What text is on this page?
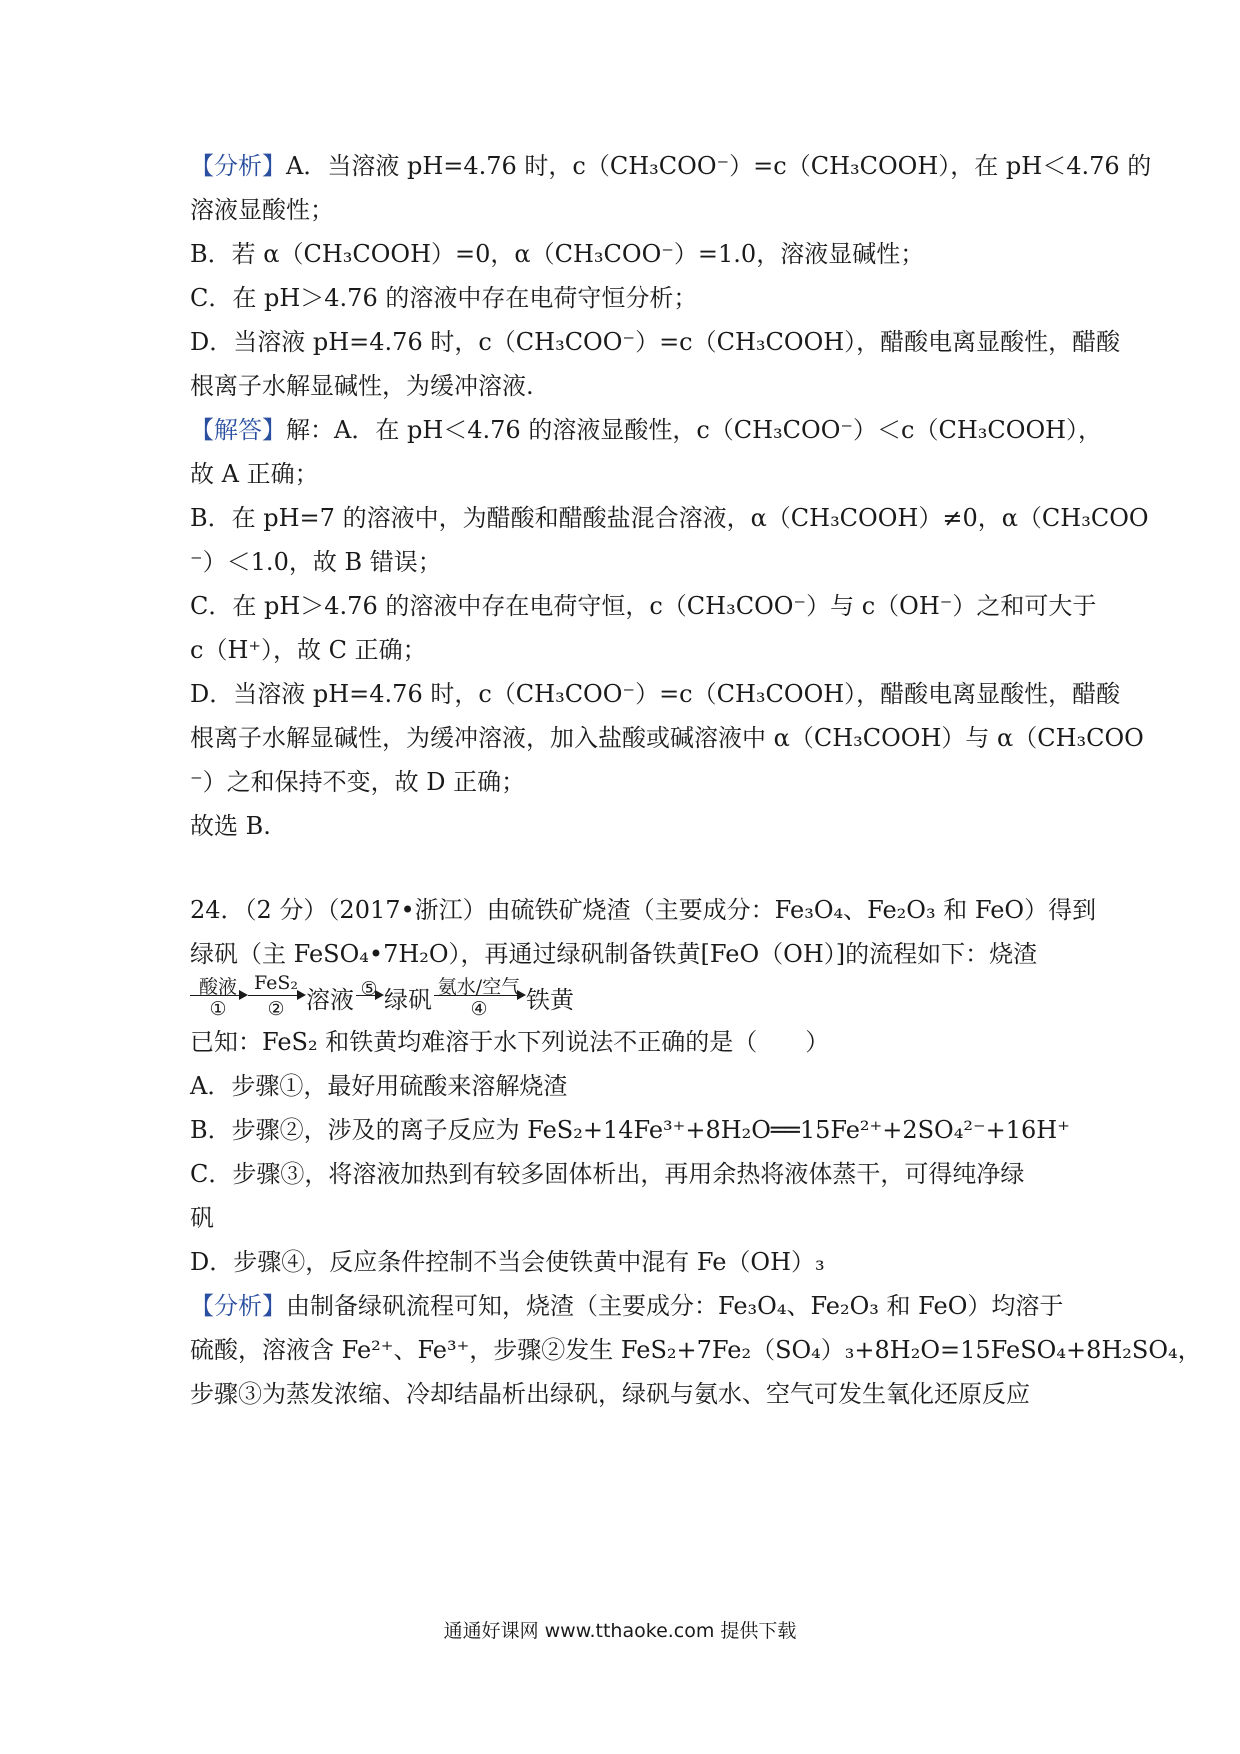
【分析】A．当溶液 pH=4.76 时，c（CH₃COO⁻）=c（CH₃COOH），在 pH＜4.76 的
溶液显酸性；
B．若 α（CH₃COOH）=0，α（CH₃COO⁻）=1.0，溶液显碱性；
C．在 pH＞4.76 的溶液中存在电荷守恒分析；
D．当溶液 pH=4.76 时，c（CH₃COO⁻）=c（CH₃COOH），醋酸电离显酸性，醋酸
根离子水解显碱性，为缓冲溶液.
【解答】解：A．在 pH＜4.76 的溶液显酸性，c（CH₃COO⁻）＜c（CH₃COOH），
故 A 正确；
B．在 pH=7 的溶液中，为醋酸和醋酸盐混合溶液，α（CH₃COOH）≠0，α（CH₃COO
⁻）＜1.0，故 B 错误；
C．在 pH＞4.76 的溶液中存在电荷守恒，c（CH₃COO⁻）与 c（OH⁻）之和可大于
c（H⁺），故 C 正确；
D．当溶液 pH=4.76 时，c（CH₃COO⁻）=c（CH₃COOH），醋酸电离显酸性，醋酸
根离子水解显碱性，为缓冲溶液，加入盐酸或碱溶液中 α（CH₃COOH）与 α（CH₃COO
⁻）之和保持不变，故 D 正确；
故选 B.
24．（2 分）（2017•浙江）由硫铁矿烧渣（主要成分：Fe₃O₄、Fe₂O₃ 和 FeO）得到
绿矾（主 FeSO₄•7H₂O），再通过绿矾制备铁黄[FeO（OH）]的流程如下：烧渣
酸液
①
FeS₂
② 溶液 ⑤ 绿矾 氨水/空气
④	铁黄
已知：FeS₂ 和铁黄均难溶于水下列说法不正确的是（　　）
A．步骤①，最好用硫酸来溶解烧渣
B．步骤②，涉及的离子反应为 FeS₂+14Fe³⁺+8H₂O══15Fe²⁺+2SO₄²⁻+16H⁺
C．步骤③，将溶液加热到有较多固体析出，再用余热将液体蒸干，可得纯净绿
矾
D．步骤④，反应条件控制不当会使铁黄中混有 Fe（OH）₃
【分析】由制备绿矾流程可知，烧渣（主要成分：Fe₃O₄、Fe₂O₃ 和 FeO）均溶于
硫酸，溶液含 Fe²⁺、Fe³⁺，步骤②发生 FeS₂+7Fe₂（SO₄）₃+8H₂O=15FeSO₄+8H₂SO₄，
步骤③为蒸发浓缩、冷却结晶析出绿矾，绿矾与氨水、空气可发生氧化还原反应
通通好课网 www.tthaoke.com 提供下载
